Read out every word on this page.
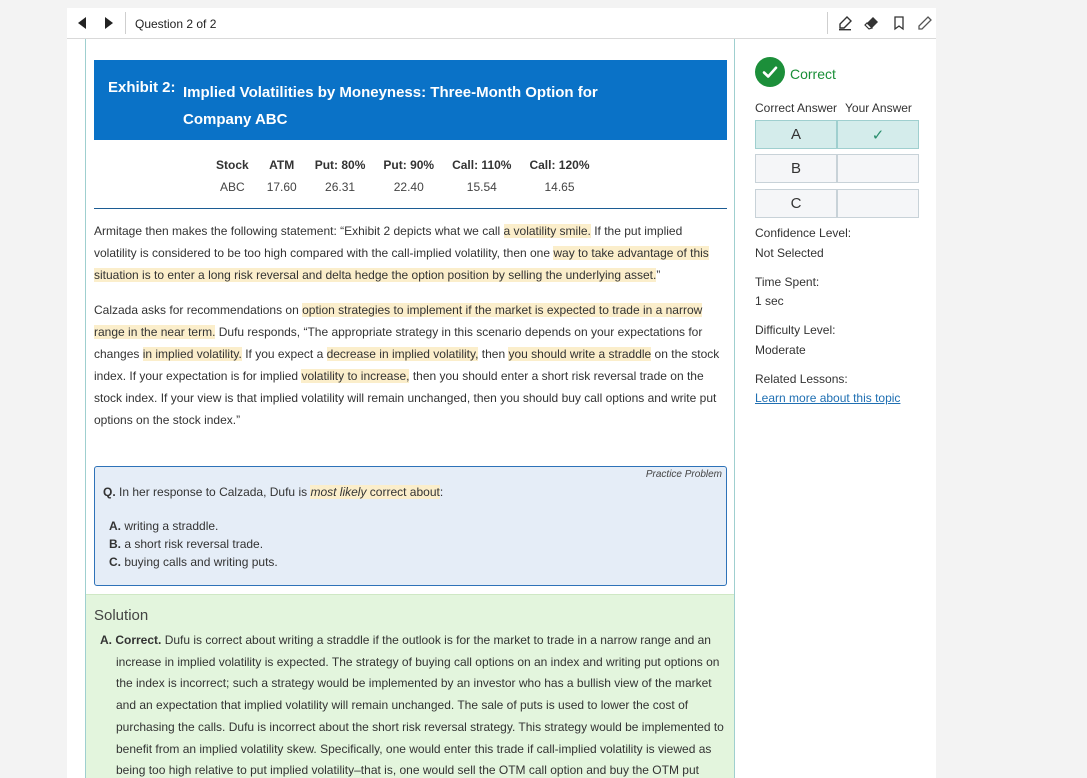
Question 2 of 2
Exhibit 2: Implied Volatilities by Moneyness: Three-Month Option for Company ABC
Stock	ATM	Put: 80%	Put: 90%	Call: 110%	Call: 120%
ABC	17.60	26.31	22.40	15.54	14.65

Armitage then makes the following statement: “Exhibit 2 depicts what we call a volatility smile. If the put implied volatility is considered to be too high compared with the call-implied volatility, then one way to take advantage of this situation is to enter a long risk reversal and delta hedge the option position by selling the underlying asset.”

Calzada asks for recommendations on option strategies to implement if the market is expected to trade in a narrow range in the near term. Dufu responds, “The appropriate strategy in this scenario depends on your expectations for changes in implied volatility. If you expect a decrease in implied volatility, then you should write a straddle on the stock index. If your expectation is for implied volatility to increase, then you should enter a short risk reversal trade on the stock index. If your view is that implied volatility will remain unchanged, then you should buy call options and write put options on the stock index.”

Practice Problem
Q. In her response to Calzada, Dufu is most likely correct about:
A. writing a straddle.
B. a short risk reversal trade.
C. buying calls and writing puts.
Solution

A. Correct. Dufu is correct about writing a straddle if the outlook is for the market to trade in a narrow range and an increase in implied volatility is expected. The strategy of buying call options on an index and writing put options on the index is incorrect; such a strategy would be implemented by an investor who has a bullish view of the market and an expectation that implied volatility will remain unchanged. The sale of puts is used to lower the cost of purchasing the calls. Dufu is incorrect about the short risk reversal strategy. This strategy would be implemented to benefit from an implied volatility skew. Specifically, one would enter this trade if call-implied volatility is viewed as being too high relative to put implied volatility–that is, one would sell the OTM call option and buy the OTM put

Correct
Correct Answer Your Answer
A	✓
B
C
Confidence Level:
Not Selected
Time Spent:
1 sec
Difficulty Level:
Moderate
Related Lessons:
Learn more about this topic
